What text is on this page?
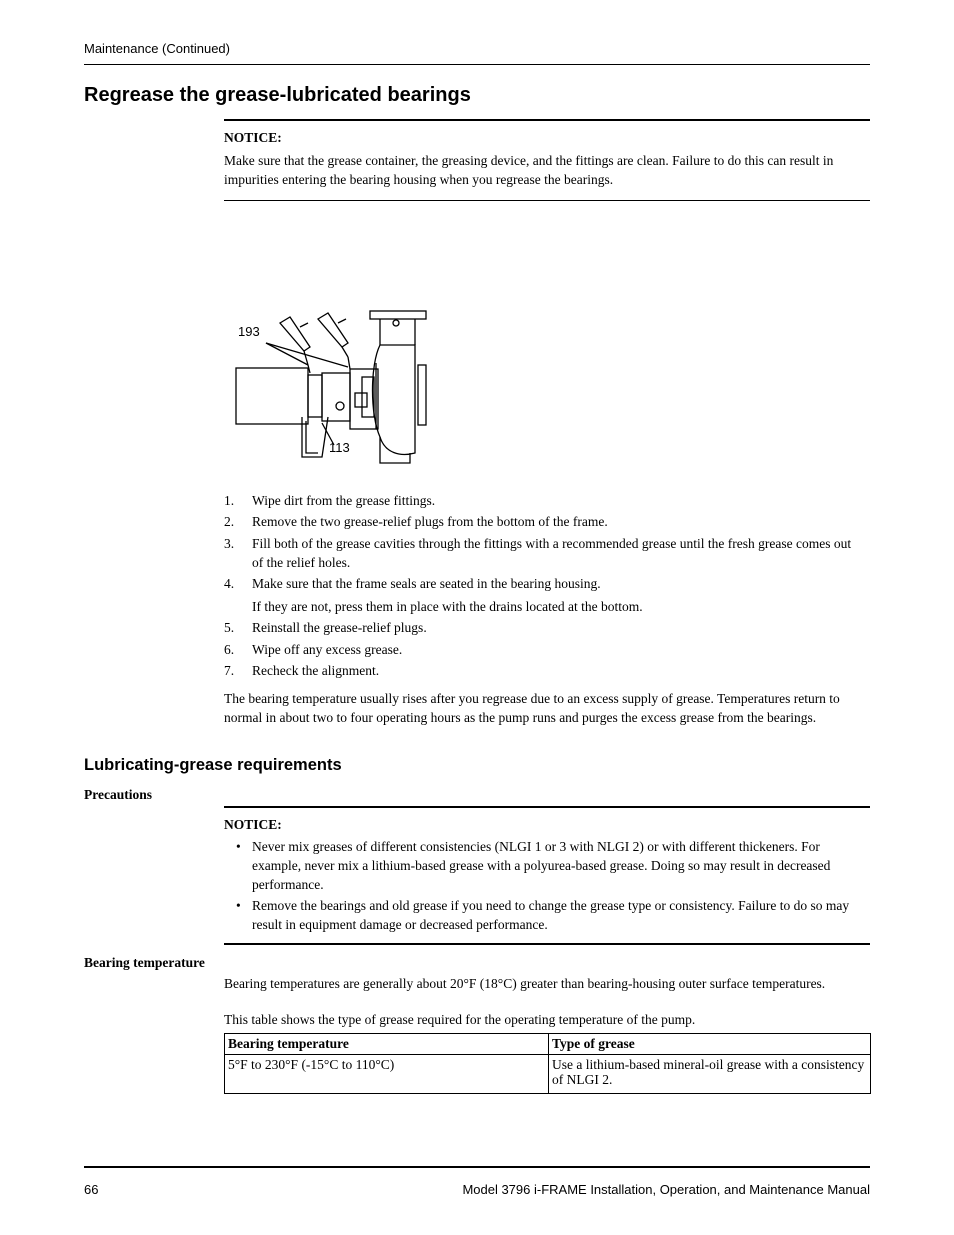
Maintenance (Continued)
Regrease the grease-lubricated bearings
NOTICE:
Make sure that the grease container, the greasing device, and the fittings are clean. Failure to do this can result in impurities entering the bearing housing when you regrease the bearings.
193
113
1. Wipe dirt from the grease fittings.
2. Remove the two grease-relief plugs from the bottom of the frame.
3. Fill both of the grease cavities through the fittings with a recommended grease until the fresh grease comes out of the relief holes.
4. Make sure that the frame seals are seated in the bearing housing.
If they are not, press them in place with the drains located at the bottom.
5. Reinstall the grease-relief plugs.
6. Wipe off any excess grease.
7. Recheck the alignment.
The bearing temperature usually rises after you regrease due to an excess supply of grease. Temperatures return to normal in about two to four operating hours as the pump runs and purges the excess grease from the bearings.
Lubricating-grease requirements
Precautions
NOTICE:
• Never mix greases of different consistencies (NLGI 1 or 3 with NLGI 2) or with different thickeners. For example, never mix a lithium-based grease with a polyurea-based grease. Doing so may result in decreased performance.
• Remove the bearings and old grease if you need to change the grease type or consistency. Failure to do so may result in equipment damage or decreased performance.
Bearing temperature
Bearing temperatures are generally about 20°F (18°C) greater than bearing-housing outer surface temperatures.
This table shows the type of grease required for the operating temperature of the pump.
Bearing temperature	Type of grease
5°F to 230°F (-15°C to 110°C)	Use a lithium-based mineral-oil grease with a consistency of NLGI 2.
66	Model 3796 i-FRAME Installation, Operation, and Maintenance Manual
